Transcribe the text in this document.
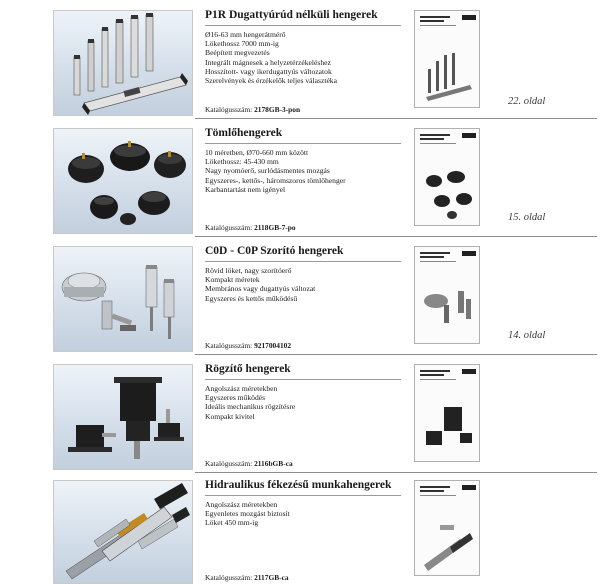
P1R Dugattyúrúd nélküli hengerek
Ø16-63 mm hengerátmérő
Lökethossz 7000 mm-ig
Beépített megvezetés
Integrált mágnesek a helyzetérzékeléshez
Hosszított- vagy ikerdugattyús változatok
Szerelvények és érzékelők teljes választéka
Katalógusszám: 2178GB-3-pon
22. oldal
Tömlőhengerek
10 méretben, Ø70-660 mm között
Lökethossz: 45-430 mm
Nagy nyomóerő, surlódásmentes mozgás
Egyszeres-, kettős-, háromszoros tömlőhenger
Karbantartást nem igényel
Katalógusszám: 2118GB-7-po
15. oldal
C0D - C0P Szorító hengerek
Rövid löket, nagy szorítóerő
Kompakt méretek
Membrános vagy dugattyús változat
Egyszeres és kettős működésű
Katalógusszám: 9217004102
14. oldal
Rögzítő hengerek
Angolszász méretekben
Egyszeres működés
Ideális mechanikus rögzítésre
Kompakt kivitel
Katalógusszám: 2116bGB-ca
Hidraulikus fékezésű munkahengerek
Angolszász méretekben
Egyenletes mozgást biztosít
Löket 450 mm-ig
Katalógusszám: 2117GB-ca
